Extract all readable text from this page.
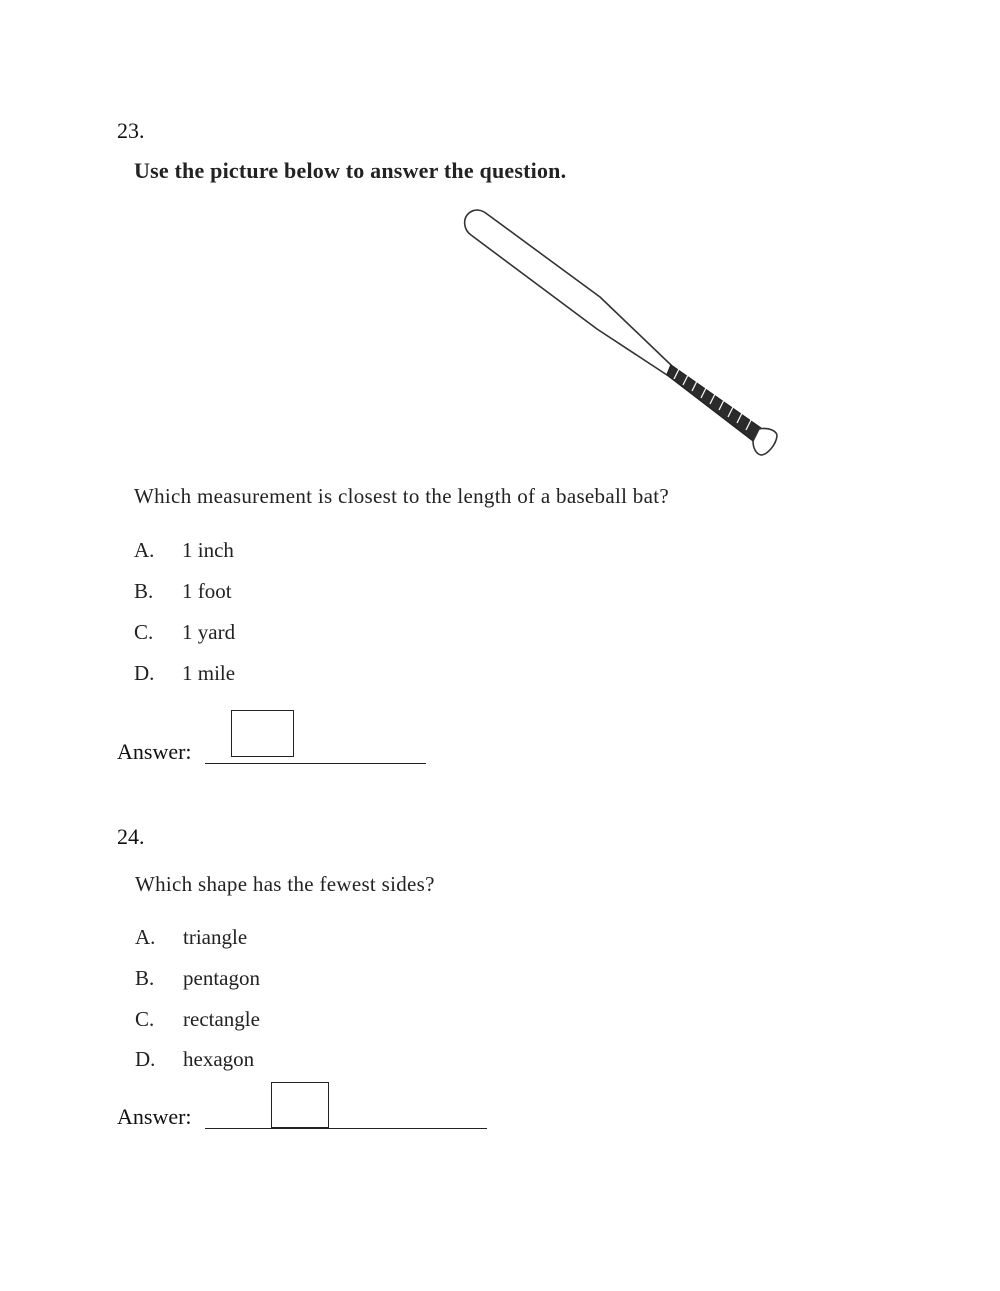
23.
Use the picture below to answer the question.
Which measurement is closest to the length of a baseball bat?
A. 1 inch
B. 1 foot
C. 1 yard
D. 1 mile
Answer:
24.
Which shape has the fewest sides?
A. triangle
B. pentagon
C. rectangle
D. hexagon
Answer:
